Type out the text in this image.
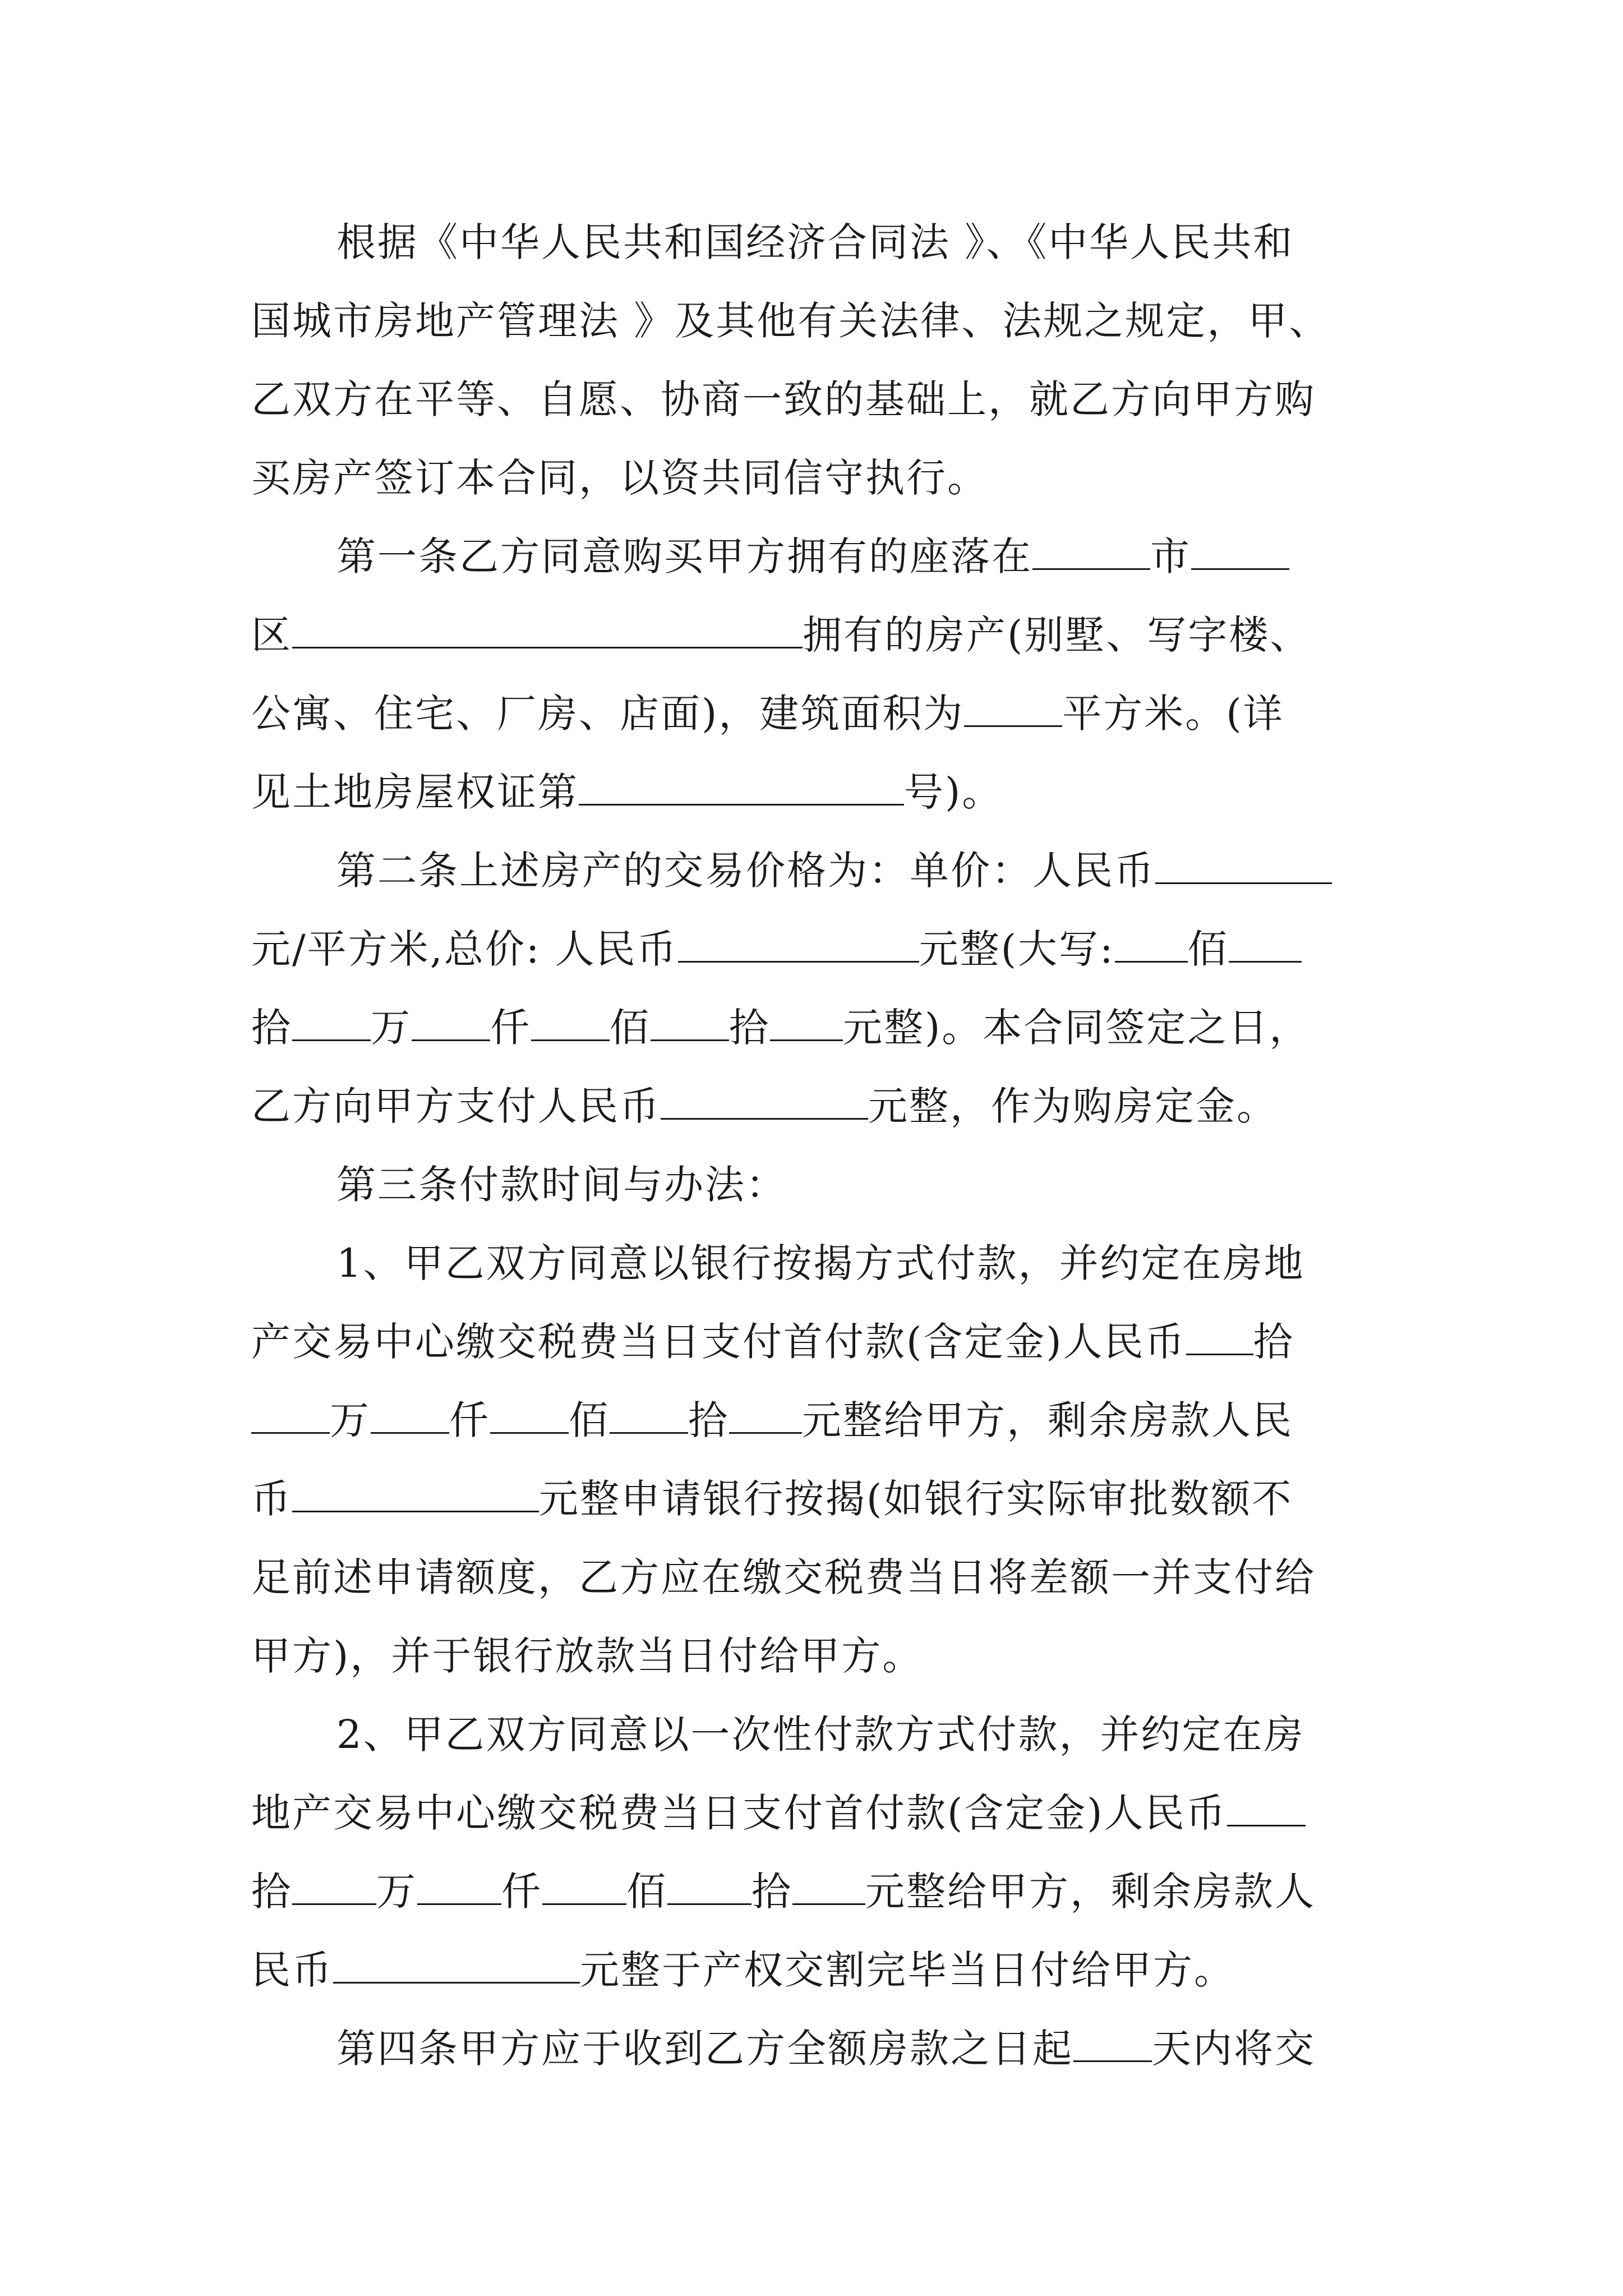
根据《中华人民共和国经济合同法 》、《中华人民共和
国城市房地产管理法 》及其他有关法律、法规之规定，甲、
乙双方在平等、自愿、协商一致的基础上，就乙方向甲方购
买房产签订本合同，以资共同信守执行。
第一条乙方同意购买甲方拥有的座落在	市
区	拥有的房产(别墅、写字楼、
公寓、住宅、厂房、店面)，建筑面积为	平方米。(详
见土地房屋权证第	号)。
第二条上述房产的交易价格为：单价：人民币
元/平方米,总价: 人民币	元整(大写: 佰
拾 万 仟 佰 拾 元整)。本合同签定之日，
乙方向甲方支付人民币	元整，作为购房定金。
第三条付款时间与办法：
1、甲乙双方同意以银行按揭方式付款，并约定在房地
产交易中心缴交税费当日支付首付款(含定金)人民币 拾
万 仟 佰 拾 元整给甲方，剩余房款人民
币	元整申请银行按揭(如银行实际审批数额不
足前述申请额度，乙方应在缴交税费当日将差额一并支付给
甲方)，并于银行放款当日付给甲方。
2、甲乙双方同意以一次性付款方式付款，并约定在房
地产交易中心缴交税费当日支付首付款(含定金)人民币
拾 万 仟 佰 拾 元整给甲方，剩余房款人
民币	元整于产权交割完毕当日付给甲方。
第四条甲方应于收到乙方全额房款之日起 天内将交
